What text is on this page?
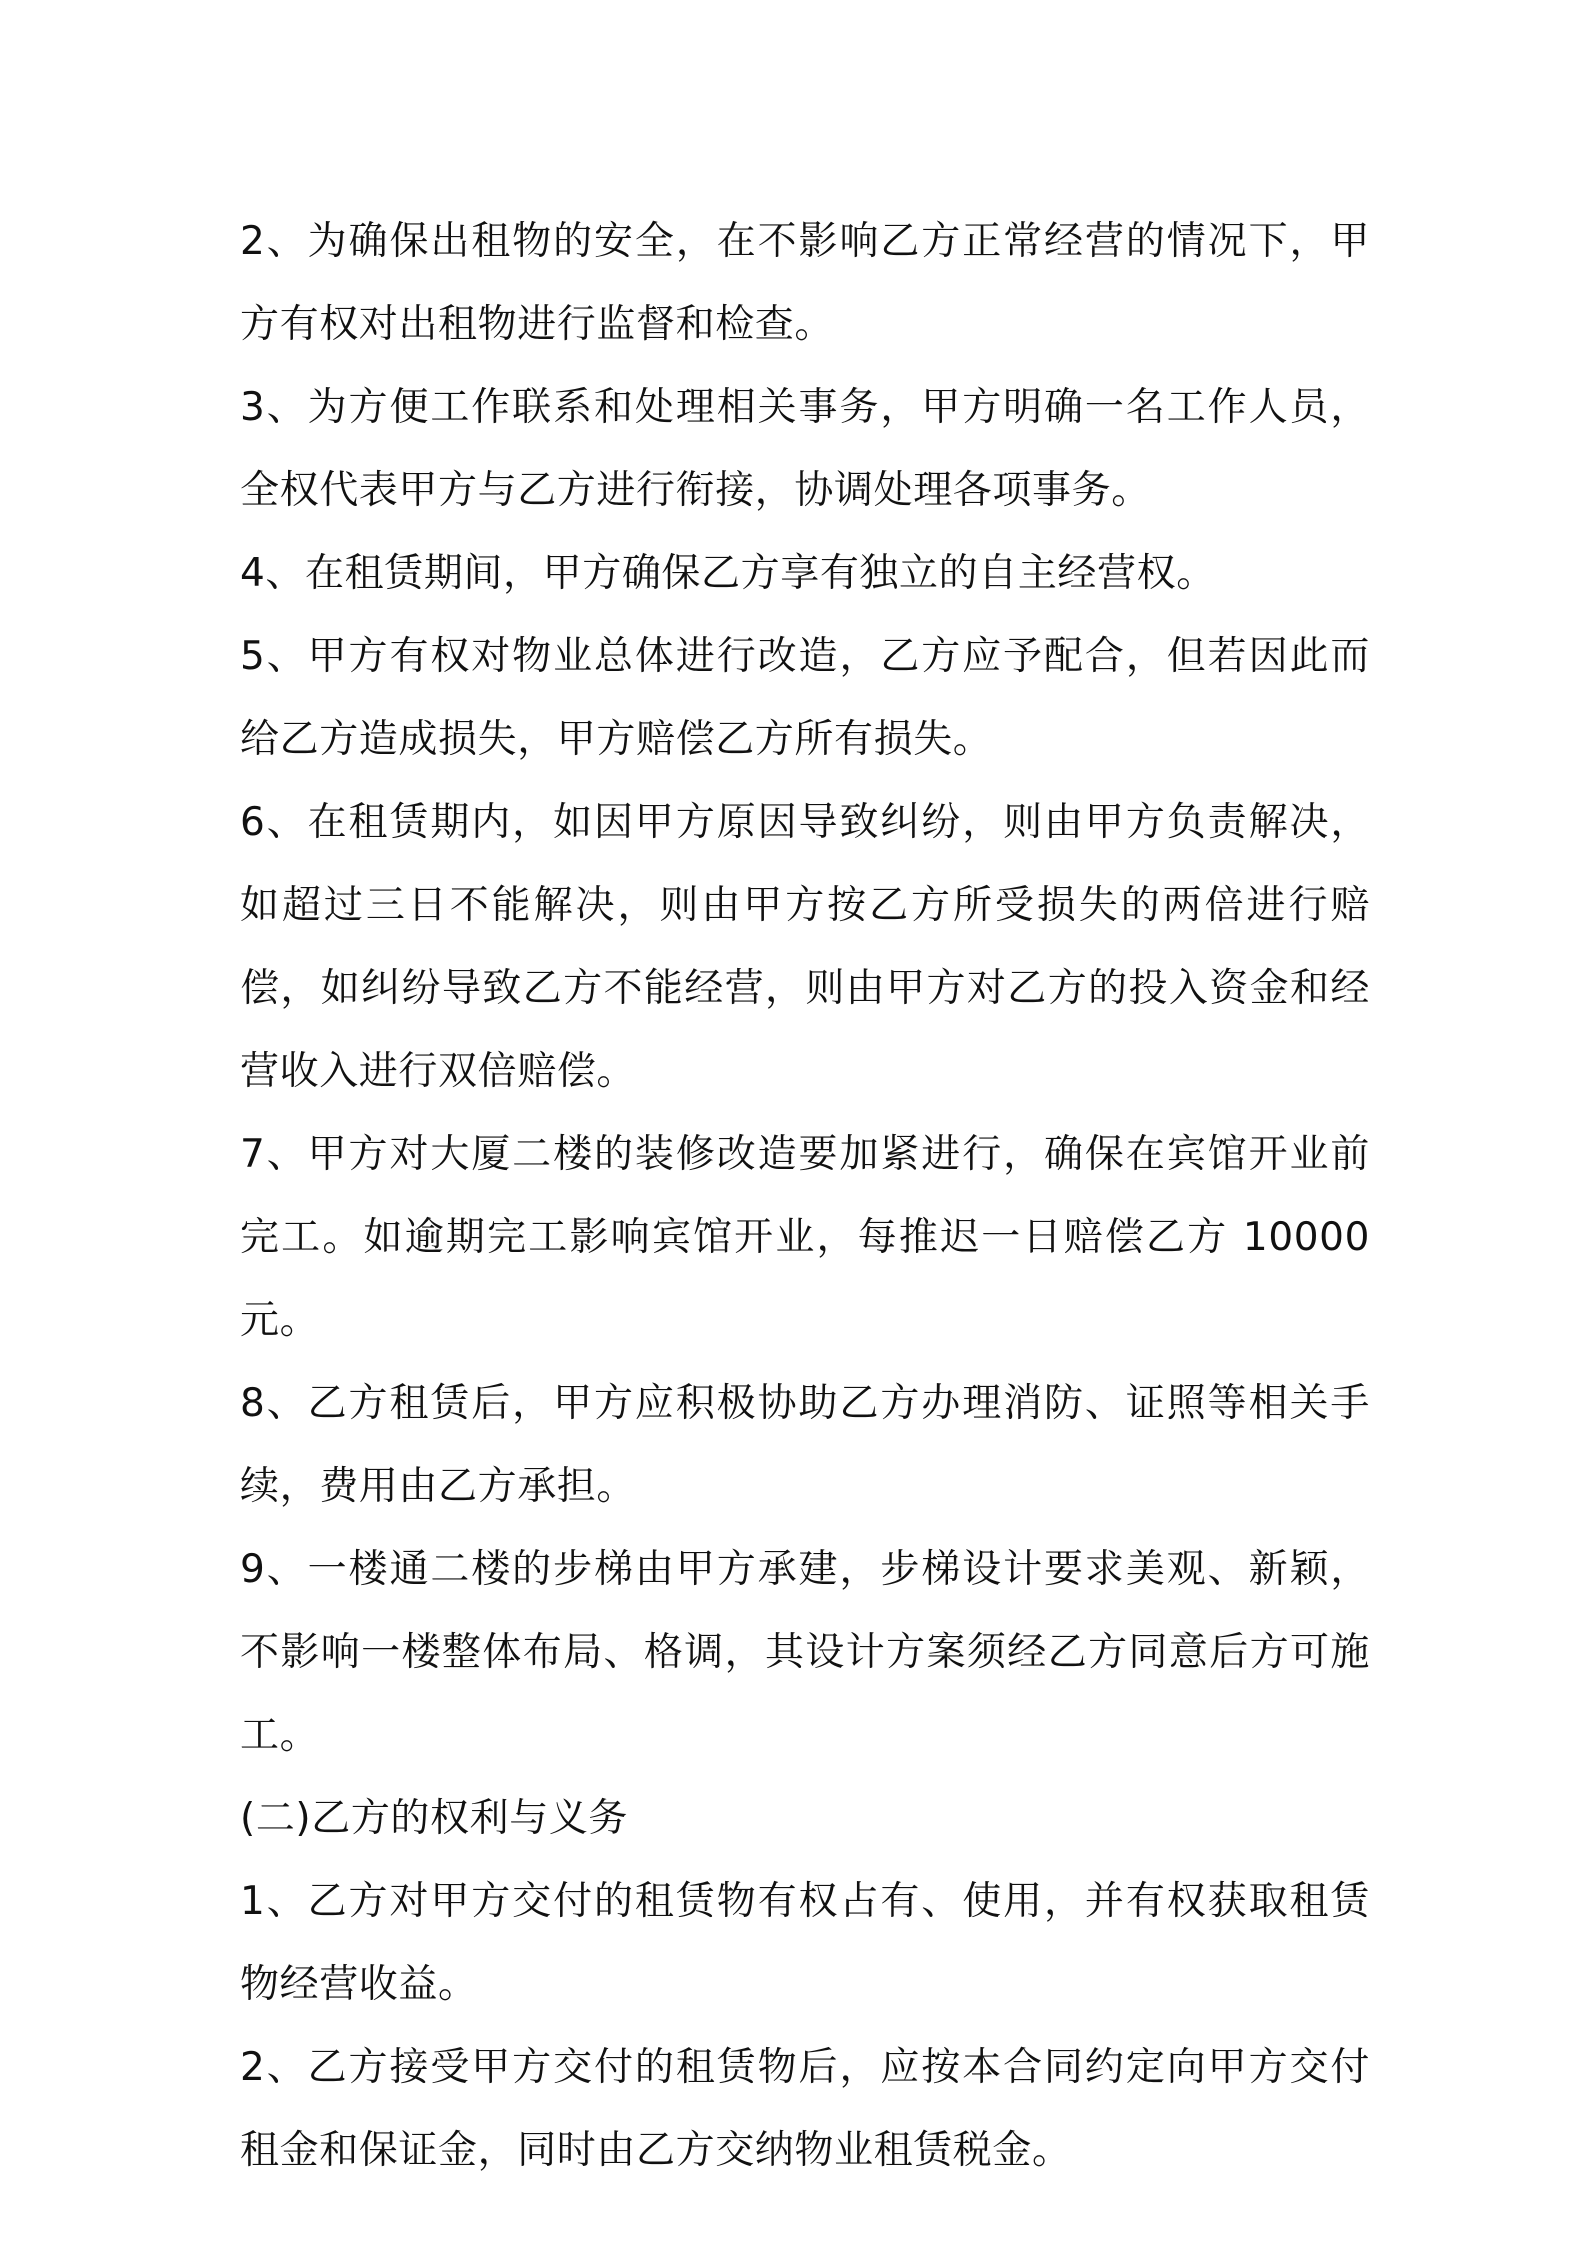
2、为确保出租物的安全，在不影响乙方正常经营的情况下，甲方有权对出租物进行监督和检查。

3、为方便工作联系和处理相关事务，甲方明确一名工作人员，全权代表甲方与乙方进行衔接，协调处理各项事务。

4、在租赁期间，甲方确保乙方享有独立的自主经营权。

5、甲方有权对物业总体进行改造，乙方应予配合，但若因此而给乙方造成损失，甲方赔偿乙方所有损失。

6、在租赁期内，如因甲方原因导致纠纷，则由甲方负责解决，如超过三日不能解决，则由甲方按乙方所受损失的两倍进行赔偿，如纠纷导致乙方不能经营，则由甲方对乙方的投入资金和经营收入进行双倍赔偿。

7、甲方对大厦二楼的装修改造要加紧进行，确保在宾馆开业前完工。如逾期完工影响宾馆开业，每推迟一日赔偿乙方 10000 元。

8、乙方租赁后，甲方应积极协助乙方办理消防、证照等相关手续，费用由乙方承担。

9、一楼通二楼的步梯由甲方承建，步梯设计要求美观、新颖，不影响一楼整体布局、格调，其设计方案须经乙方同意后方可施工。

(二)乙方的权利与义务

1、乙方对甲方交付的租赁物有权占有、使用，并有权获取租赁物经营收益。

2、乙方接受甲方交付的租赁物后，应按本合同约定向甲方交付租金和保证金，同时由乙方交纳物业租赁税金。
